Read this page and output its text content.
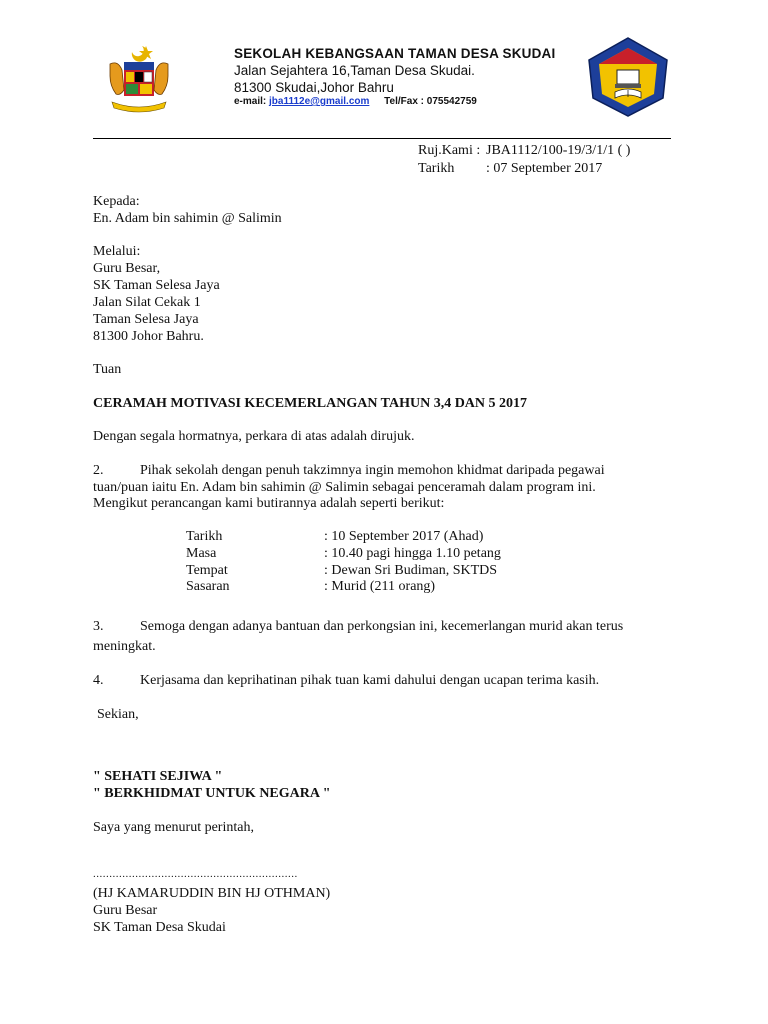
SEKOLAH KEBANGSAAN TAMAN DESA SKUDAI
Jalan Sejahtera 16,Taman Desa Skudai.
81300 Skudai,Johor Bahru
e-mail: jba1112e@gmail.com Tel/Fax : 075542759
Ruj.Kami : JBA1112/100-19/3/1/1 ( )
Tarikh : 07 September 2017
Kepada:
En. Adam bin sahimin @ Salimin
Melalui:
Guru Besar,
SK Taman Selesa Jaya
Jalan Silat Cekak 1
Taman Selesa Jaya
81300 Johor Bahru.
Tuan
CERAMAH MOTIVASI KECEMERLANGAN TAHUN 3,4 DAN 5 2017
Dengan segala hormatnya, perkara di atas adalah dirujuk.
2.	Pihak sekolah dengan penuh takzimnya ingin memohon khidmat daripada pegawai
tuan/puan iaitu En. Adam bin sahimin @ Salimin sebagai penceramah dalam program ini.
Mengikut perancangan kami butirannya adalah seperti berikut:
Tarikh	: 10 September 2017 (Ahad)
Masa	: 10.40 pagi hingga 1.10 petang
Tempat	: Dewan Sri Budiman, SKTDS
Sasaran	: Murid (211 orang)
3.	Semoga dengan adanya bantuan dan perkongsian ini, kecemerlangan murid akan terus
meningkat.
4.	Kerjasama dan keprihatinan pihak tuan kami dahului dengan ucapan terima kasih.
Sekian,
" SEHATI SEJIWA "
" BERKHIDMAT UNTUK NEGARA "
Saya yang menurut perintah,
...............................................................
(HJ KAMARUDDIN BIN HJ OTHMAN)
Guru Besar
SK Taman Desa Skudai
